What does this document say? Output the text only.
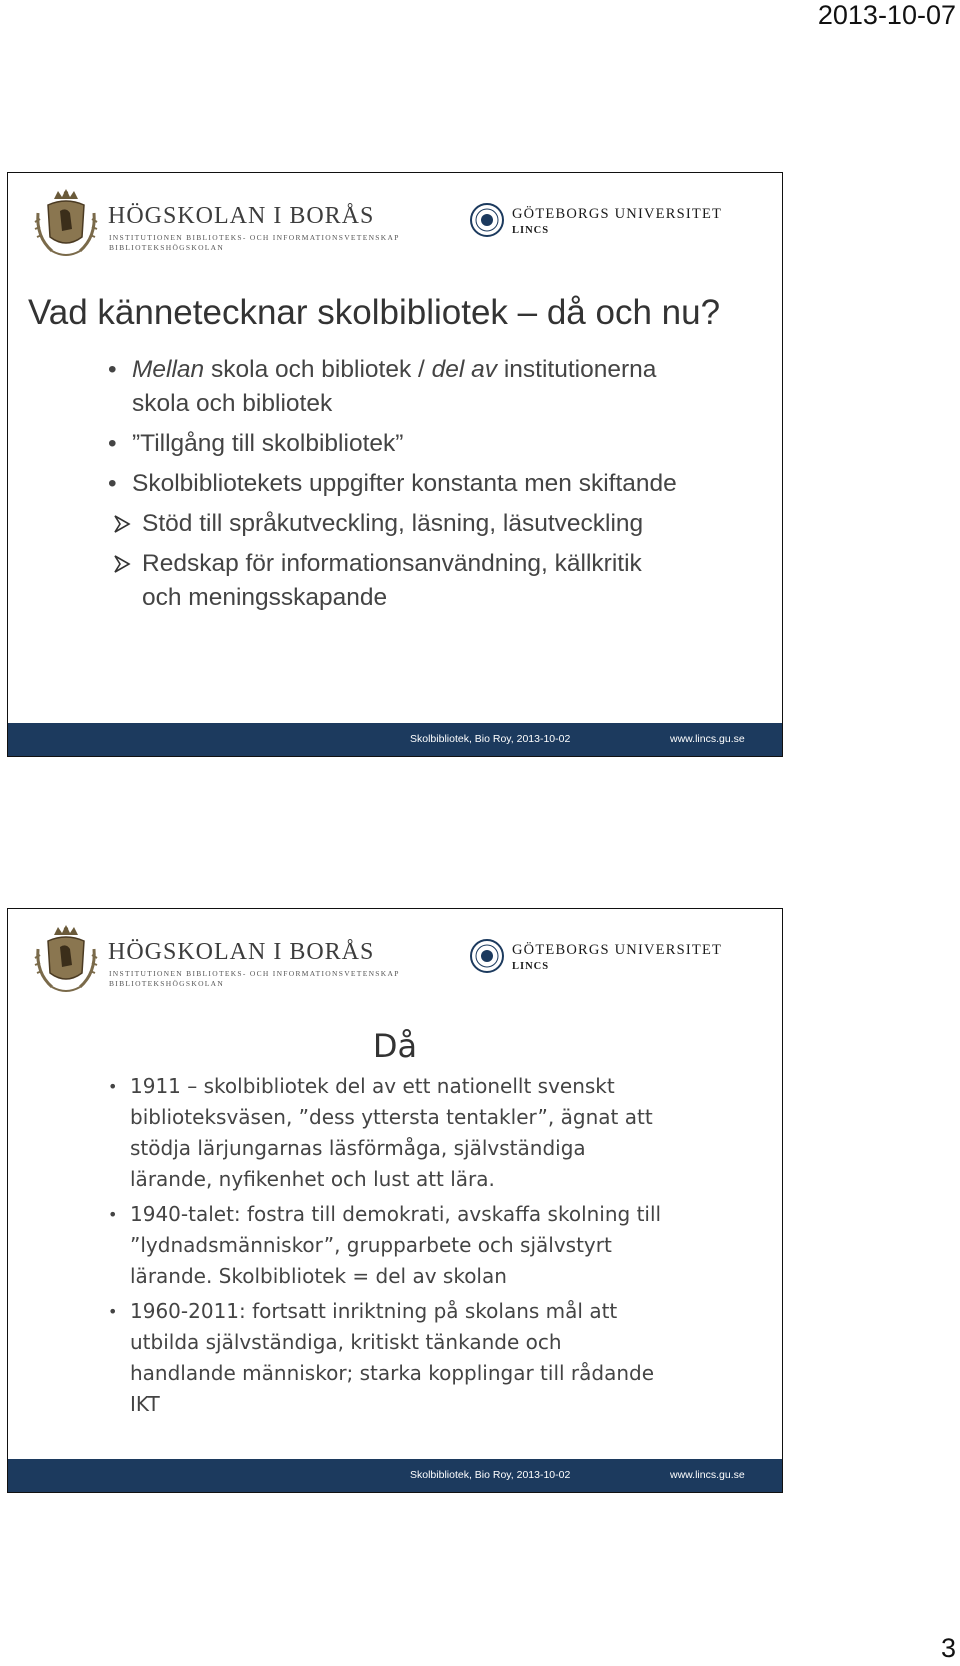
2013-10-07
HÖGSKOLAN I BORÅS
INSTITUTIONEN BIBLIOTEKS- OCH INFORMATIONSVETENSKAP
BIBLIOTEKSHÖGSKOLAN
GÖTEBORGS UNIVERSITET
LINCS
Vad kännetecknar skolbibliotek – då och nu?
• Mellan skola och bibliotek / del av institutionerna skola och bibliotek
• ”Tillgång till skolbibliotek”
• Skolbibliotekets uppgifter konstanta men skiftande
Stöd till språkutveckling, läsning, läsutveckling
Redskap för informationsanvändning, källkritik och meningsskapande
Skolbibliotek, Bio Roy, 2013-10-02	www.lincs.gu.se
HÖGSKOLAN I BORÅS
INSTITUTIONEN BIBLIOTEKS- OCH INFORMATIONSVETENSKAP
BIBLIOTEKSHÖGSKOLAN
GÖTEBORGS UNIVERSITET
LINCS
Då
• 1911 – skolbibliotek del av ett nationellt svenskt biblioteksväsen, ”dess yttersta tentakler”, ägnat att stödja lärjungarnas läsförmåga, självständiga lärande, nyfikenhet och lust att lära.
• 1940-talet: fostra till demokrati, avskaffa skolning till ”lydnadsmänniskor”, grupparbete och självstyrt lärande. Skolbibliotek = del av skolan
• 1960-2011: fortsatt inriktning på skolans mål att utbilda självständiga, kritiskt tänkande och handlande människor; starka kopplingar till rådande IKT
Skolbibliotek, Bio Roy, 2013-10-02	www.lincs.gu.se
3
